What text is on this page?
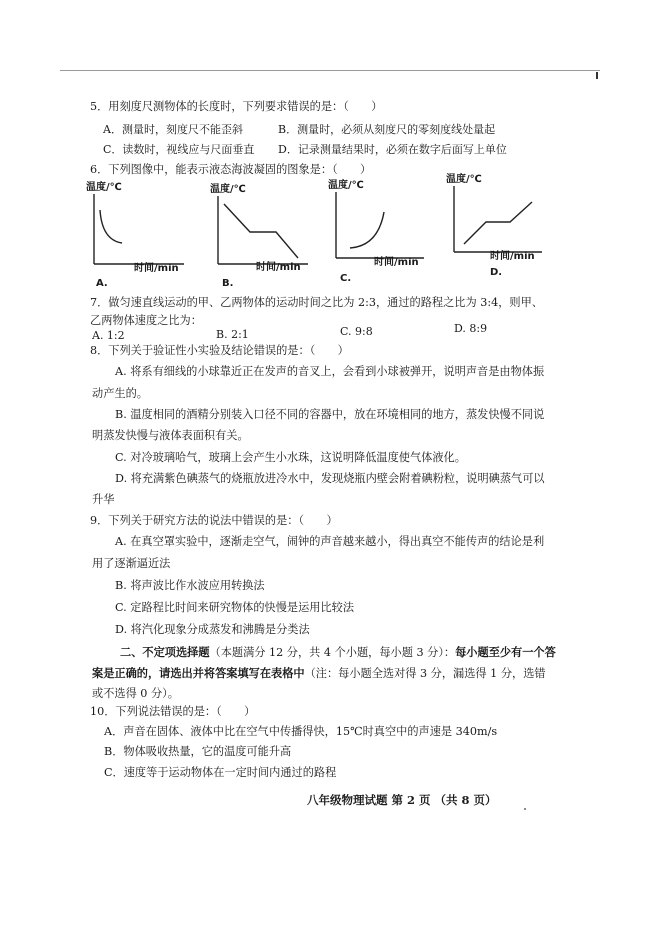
5．用刻度尺测物体的长度时，下列要求错误的是：（　　）
A．测量时，刻度尺不能歪斜	B．测量时，必须从刻度尺的零刻度线处量起
C．读数时，视线应与尺面垂直 D．记录测量结果时，必须在数字后面写上单位
6．下列图像中，能表示液态海波凝固的图象是：（　　）
温度/℃
时间/min
A.
温度/℃
时间/min
B.
温度/℃
时间/min
C.
温度/℃
时间/min
D.
7．做匀速直线运动的甲、乙两物体的运动时间之比为 2:3，通过的路程之比为 3:4，则甲、
乙两物体速度之比为：
A. 1:2	B. 2:1	C. 9:8	D. 8:9
8．下列关于验证性小实验及结论错误的是：（　　）
A. 将系有细线的小球靠近正在发声的音叉上，会看到小球被弹开，说明声音是由物体振
动产生的。
B. 温度相同的酒精分别装入口径不同的容器中，放在环境相同的地方，蒸发快慢不同说
明蒸发快慢与液体表面积有关。
C. 对冷玻璃哈气，玻璃上会产生小水珠，这说明降低温度使气体液化。
D. 将充满紫色碘蒸气的烧瓶放进冷水中，发现烧瓶内壁会附着碘粉粒，说明碘蒸气可以
升华
9．下列关于研究方法的说法中错误的是：（　　）
A. 在真空罩实验中，逐渐走空气，闹钟的声音越来越小，得出真空不能传声的结论是利
用了逐渐逼近法
B. 将声波比作水波应用转换法
C. 定路程比时间来研究物体的快慢是运用比较法
D. 将汽化现象分成蒸发和沸腾是分类法
二、不定项选择题（本题满分 12 分，共 4 个小题，每小题 3 分）：每小题至少有一个答
案是正确的，请选出并将答案填写在表格中（注：每小题全选对得 3 分，漏选得 1 分，选错
或不选得 0 分）。
10．下列说法错误的是：（　　）
A．声音在固体、液体中比在空气中传播得快，15℃时真空中的声速是 340m/s
B．物体吸收热量，它的温度可能升高
C．速度等于运动物体在一定时间内通过的路程
八年级物理试题 第 2 页 （共 8 页）
